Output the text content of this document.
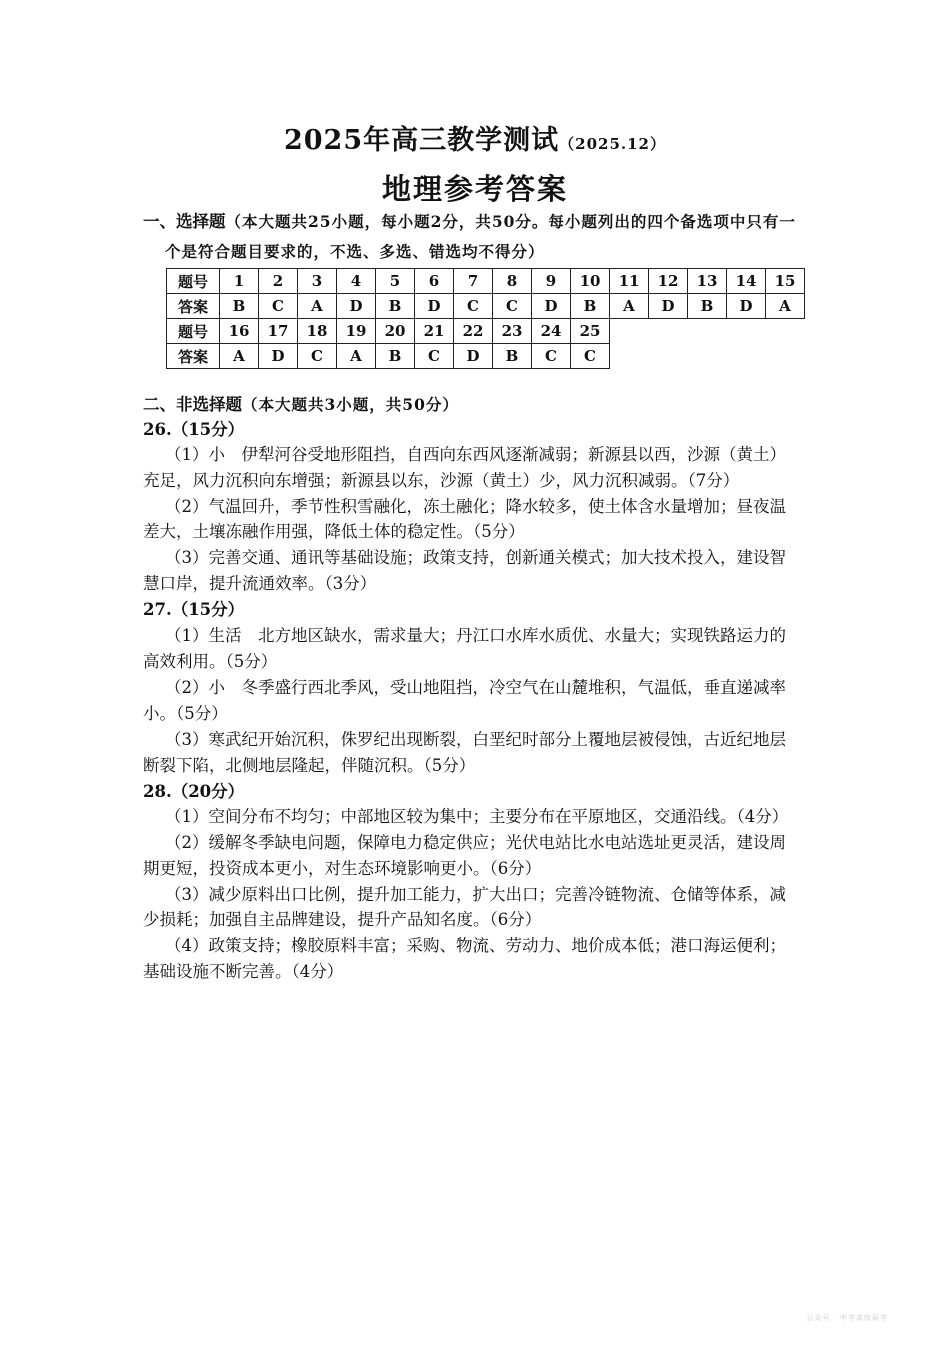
2025年高三教学测试（2025.12）
地理参考答案
一、选择题（本大题共25小题，每小题2分，共50分。每小题列出的四个备选项中只有一
个是符合题目要求的，不选、多选、错选均不得分）
题号	1	2	3	4	5	6	7	8	9	10	11	12	13	14	15
答案	B	C	A	D	B	D	C	C	D	B	A	D	B	D	A
题号	16	17	18	19	20	21	22	23	24	25					
答案	A	D	C	A	B	C	D	B	C	C					
二、非选择题（本大题共3小题，共50分）
26.（15分）
（1）小　伊犁河谷受地形阻挡，自西向东西风逐渐减弱；新源县以西，沙源（黄土）
充足，风力沉积向东增强；新源县以东，沙源（黄土）少，风力沉积减弱。（7分）
（2）气温回升，季节性积雪融化，冻土融化；降水较多，使土体含水量增加；昼夜温
差大，土壤冻融作用强，降低土体的稳定性。（5分）
（3）完善交通、通讯等基础设施；政策支持，创新通关模式；加大技术投入，建设智
慧口岸，提升流通效率。（3分）
27.（15分）
（1）生活　北方地区缺水，需求量大；丹江口水库水质优、水量大；实现铁路运力的
高效利用。（5分）
（2）小　冬季盛行西北季风，受山地阻挡，冷空气在山麓堆积，气温低，垂直递减率
小。（5分）
（3）寒武纪开始沉积，侏罗纪出现断裂，白垩纪时部分上覆地层被侵蚀，古近纪地层
断裂下陷，北侧地层隆起，伴随沉积。（5分）
28.（20分）
（1）空间分布不均匀；中部地区较为集中；主要分布在平原地区，交通沿线。（4分）
（2）缓解冬季缺电问题，保障电力稳定供应；光伏电站比水电站选址更灵活，建设周
期更短，投资成本更小，对生态环境影响更小。（6分）
（3）减少原料出口比例，提升加工能力，扩大出口；完善冷链物流、仓储等体系，减
少损耗；加强自主品牌建设，提升产品知名度。（6分）
（4）政策支持；橡胶原料丰富；采购、物流、劳动力、地价成本低；港口海运便利；
基础设施不断完善。（4分）
公众号 · 中学高级研学
